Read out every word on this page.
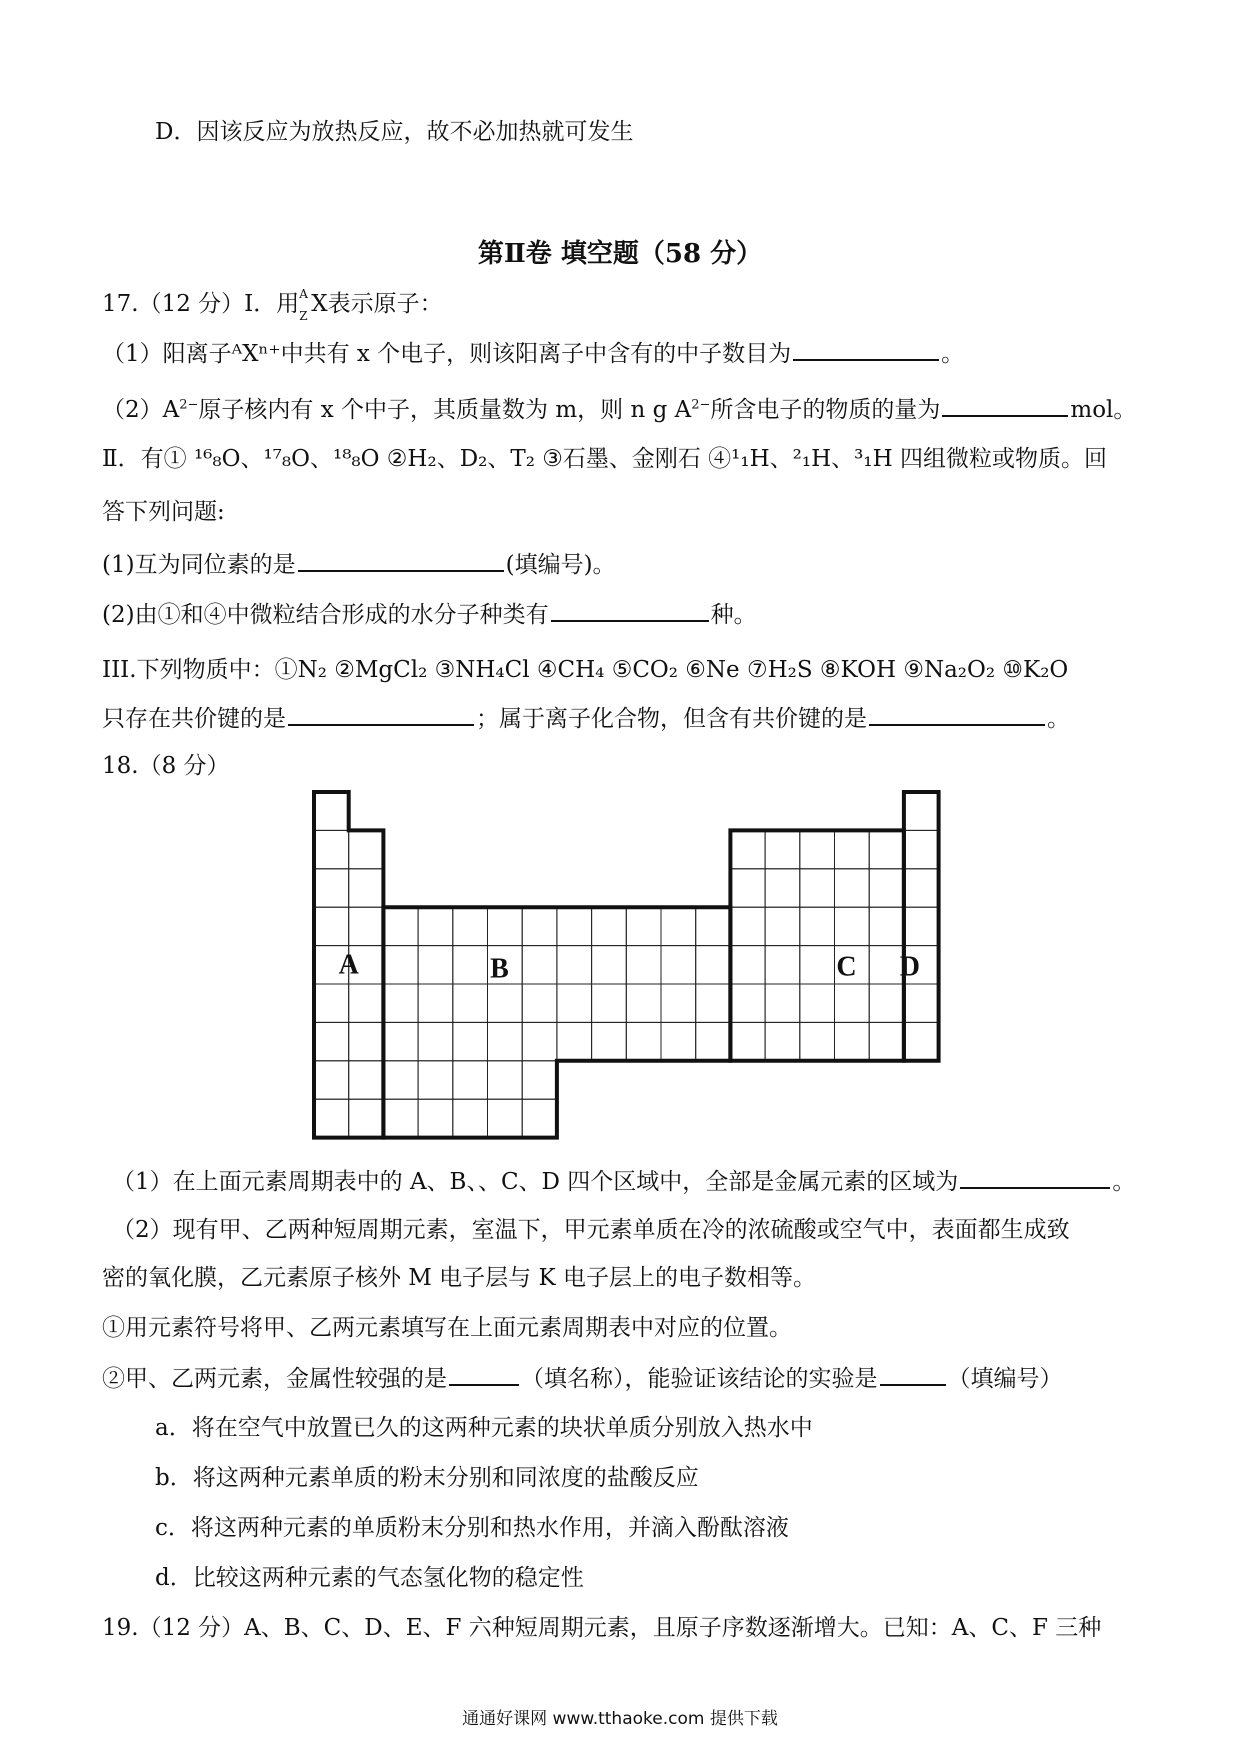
D．因该反应为放热反应，故不必加热就可发生
第Ⅱ卷 填空题（58 分）
17.（12 分）Ⅰ．用 A
Z X表示原子：
（1）阳离子ᴬXⁿ⁺中共有 x 个电子，则该阳离子中含有的中子数目为	。
$(2)A^{2-}$原子核内有 x 个中子，其质量数为 m，则 n g $A^{2-}$所含电子的物质的量为	mol。
Ⅱ．有① ¹⁶₈O、¹⁷₈O、¹⁸₈O ②H₂、D₂、T₂ ③石墨、金刚石 ④¹₁H、²₁H、³₁H 四组微粒或物质。回
答下列问题:
(1)互为同位素的是	(填编号)。
(2)由①和④中微粒结合形成的水分子种类有	种。
III.下列物质中：①N₂ ②MgCl₂ ③NH₄Cl ④CH₄ ⑤CO₂ ⑥Ne ⑦H₂S ⑧KOH ⑨Na₂O₂ ⑩K₂O
只存在共价键的是	；属于离子化合物，但含有共价键的是	。
18.（8 分）
A	B	C D
（1）在上面元素周期表中的 A、B、、C、D 四个区域中，全部是金属元素的区域为	。
（2）现有甲、乙两种短周期元素，室温下，甲元素单质在冷的浓硫酸或空气中，表面都生成致
密的氧化膜，乙元素原子核外 M 电子层与 K 电子层上的电子数相等。
①用元素符号将甲、乙两元素填写在上面元素周期表中对应的位置。
②甲、乙两元素，金属性较强的是	（填名称），能验证该结论的实验是	（填编号）
a．将在空气中放置已久的这两种元素的块状单质分别放入热水中
b．将这两种元素单质的粉末分别和同浓度的盐酸反应
c．将这两种元素的单质粉末分别和热水作用，并滴入酚酞溶液
d．比较这两种元素的气态氢化物的稳定性
19.（12 分）A、B、C、D、E、F 六种短周期元素，且原子序数逐渐增大。已知：A、C、F 三种
通通好课网 www.tthaoke.com 提供下载
